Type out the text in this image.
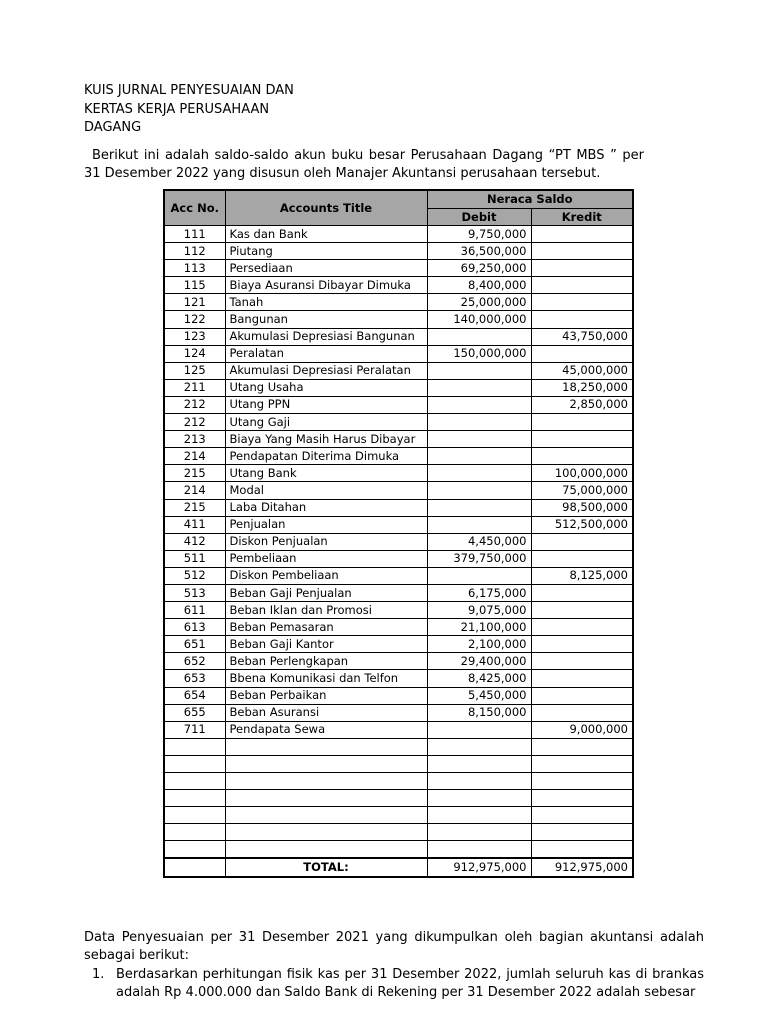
KUIS JURNAL PENYESUAIAN DAN
KERTAS KERJA PERUSAHAAN
DAGANG
Berikut ini adalah saldo-saldo akun buku besar Perusahaan Dagang “PT MBS ” per 31 Desember 2022 yang disusun oleh Manajer Akuntansi perusahaan tersebut.
Acc No.	Accounts Title	Neraca Saldo	
		Debit	Kredit
111	Kas dan Bank	9,750,000	
112	Piutang	36,500,000	
113	Persediaan	69,250,000	
115	Biaya Asuransi Dibayar Dimuka	8,400,000	
121	Tanah	25,000,000	
122	Bangunan	140,000,000	
123	Akumulasi Depresiasi Bangunan		43,750,000
124	Peralatan	150,000,000	
125	Akumulasi Depresiasi Peralatan		45,000,000
211	Utang Usaha		18,250,000
212	Utang PPN		2,850,000
212	Utang Gaji		
213	Biaya Yang Masih Harus Dibayar		
214	Pendapatan Diterima Dimuka		
215	Utang Bank		100,000,000
214	Modal		75,000,000
215	Laba Ditahan		98,500,000
411	Penjualan		512,500,000
412	Diskon Penjualan	4,450,000	
511	Pembeliaan	379,750,000	
512	Diskon Pembeliaan		8,125,000
513	Beban Gaji Penjualan	6,175,000	
611	Beban Iklan dan Promosi	9,075,000	
613	Beban Pemasaran	21,100,000	
651	Beban Gaji Kantor	2,100,000	
652	Beban Perlengkapan	29,400,000	
653	Bbena Komunikasi dan Telfon	8,425,000	
654	Beban Perbaikan	5,450,000	
655	Beban Asuransi	8,150,000	
711	Pendapata Sewa		9,000,000

	TOTAL:	912,975,000	912,975,000
Data Penyesuaian per 31 Desember 2021 yang dikumpulkan oleh bagian akuntansi adalah sebagai berikut:
1. Berdasarkan perhitungan fisik kas per 31 Desember 2022, jumlah seluruh kas di brankas adalah Rp 4.000.000 dan Saldo Bank di Rekening per 31 Desember 2022 adalah sebesar
